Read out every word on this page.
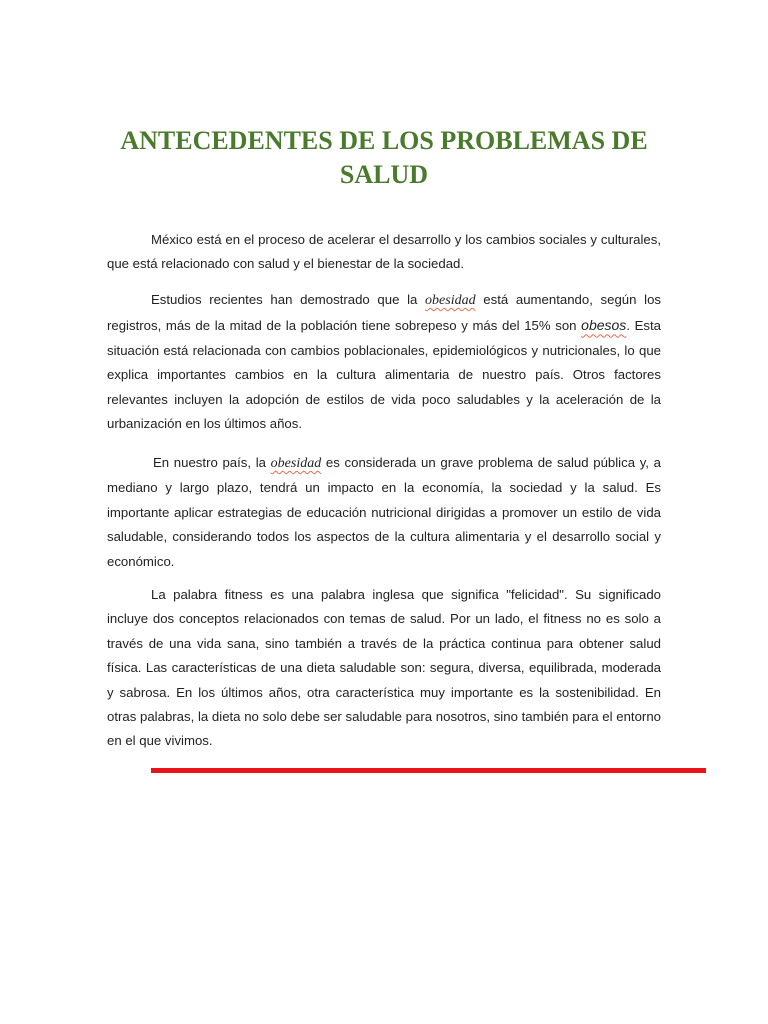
ANTECEDENTES DE LOS PROBLEMAS DE SALUD

México está en el proceso de acelerar el desarrollo y los cambios sociales y culturales, que está relacionado con salud y el bienestar de la sociedad.

Estudios recientes han demostrado que la obesidad está aumentando, según los registros, más de la mitad de la población tiene sobrepeso y más del 15% son obesos. Esta situación está relacionada con cambios poblacionales, epidemiológicos y nutricionales, lo que explica importantes cambios en la cultura alimentaria de nuestro país. Otros factores relevantes incluyen la adopción de estilos de vida poco saludables y la aceleración de la urbanización en los últimos años.

En nuestro país, la obesidad es considerada un grave problema de salud pública y, a mediano y largo plazo, tendrá un impacto en la economía, la sociedad y la salud. Es importante aplicar estrategias de educación nutricional dirigidas a promover un estilo de vida saludable, considerando todos los aspectos de la cultura alimentaria y el desarrollo social y económico.

La palabra fitness es una palabra inglesa que significa "felicidad". Su significado incluye dos conceptos relacionados con temas de salud. Por un lado, el fitness no es solo a través de una vida sana, sino también a través de la práctica continua para obtener salud física. Las características de una dieta saludable son: segura, diversa, equilibrada, moderada y sabrosa. En los últimos años, otra característica muy importante es la sostenibilidad. En otras palabras, la dieta no solo debe ser saludable para nosotros, sino también para el entorno en el que vivimos.
